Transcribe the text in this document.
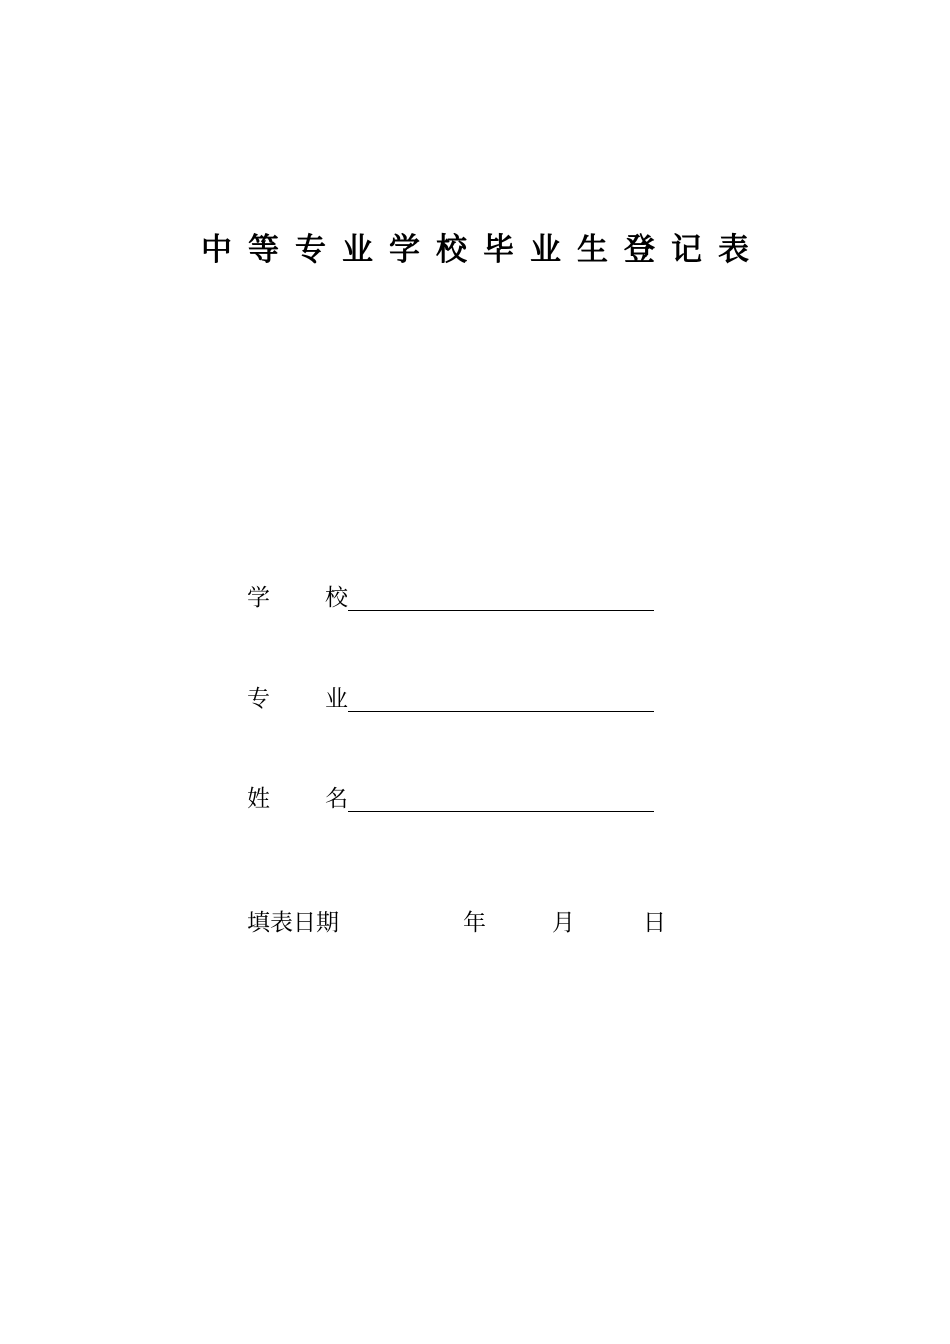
中等专业学校毕业生登记表
学 校
专 业
姓 名
填表日期	年	月	日
